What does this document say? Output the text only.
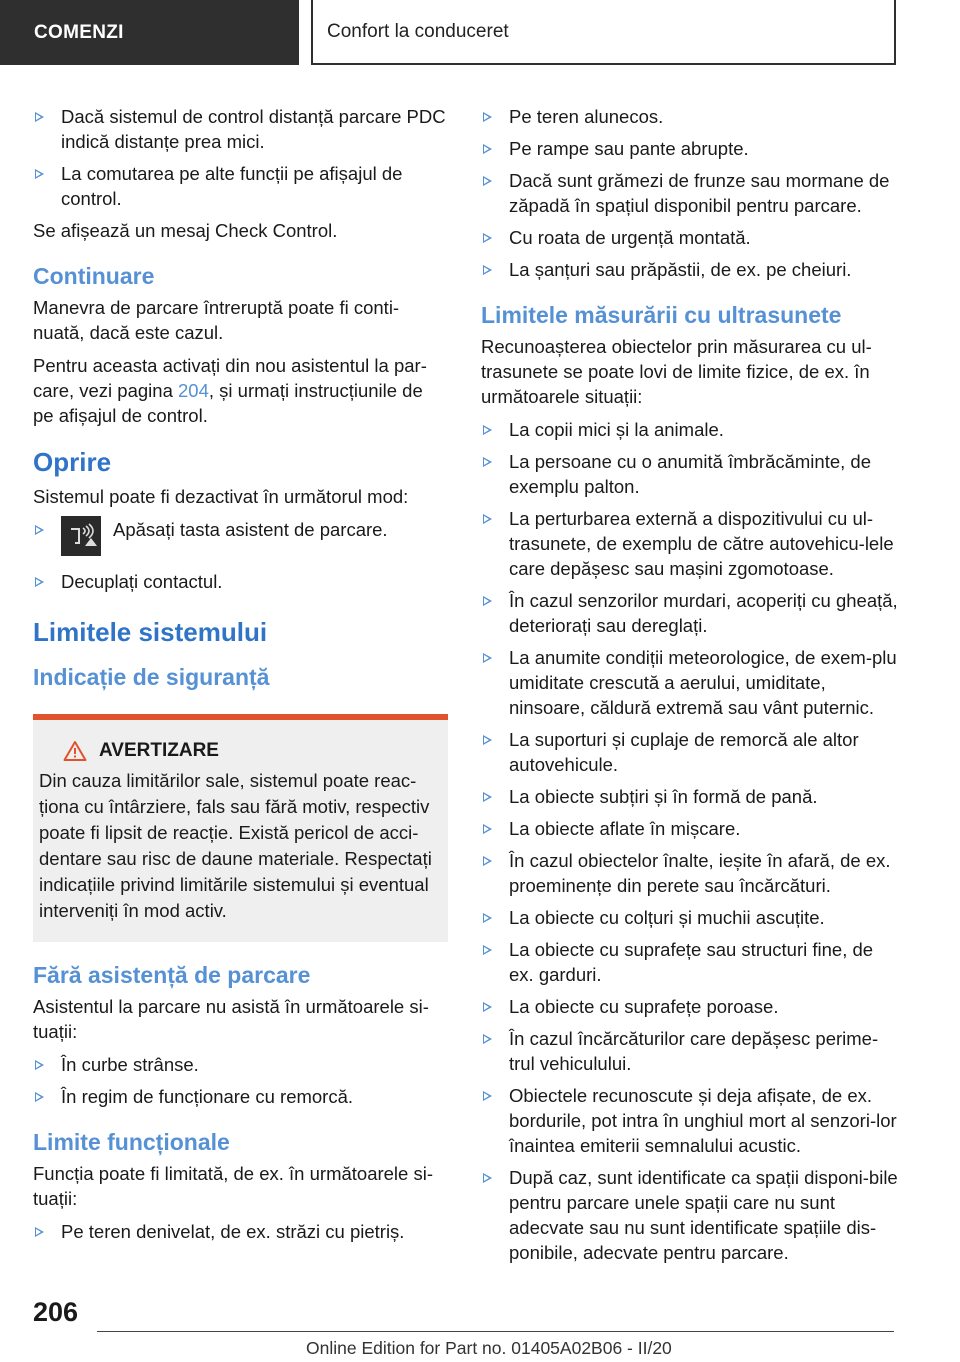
COMENZI	Confort la conduceret
Dacă sistemul de control distanță parcare PDC indică distanțe prea mici.
La comutarea pe alte funcții pe afișajul de control.

Se afișează un mesaj Check Control.

Continuare

Manevra de parcare întreruptă poate fi conti‐nuată, dacă este cazul.

Pentru aceasta activați din nou asistentul la par‐care, vezi pagina 204, și urmați instrucțiunile de pe afișajul de control.

Oprire

Sistemul poate fi dezactivat în următorul mod:

Apăsați tasta asistent de parcare.
Decuplați contactul.
Limitele sistemului
Indicație de siguranță
AVERTIZARE

Din cauza limitărilor sale, sistemul poate reac‐ționa cu întârziere, fals sau fără motiv, respectiv poate fi lipsit de reacție. Există pericol de acci‐dentare sau risc de daune materiale. Respectați indicațiile privind limitările sistemului și eventual interveniți în mod activ.

Fără asistență de parcare

Asistentul la parcare nu asistă în următoarele si‐tuații:

În curbe strânse.
În regim de funcționare cu remorcă.
Limite funcționale

Funcția poate fi limitată, de ex. în următoarele si‐tuații:

Pe teren denivelat, de ex. străzi cu pietriș.
Pe teren alunecos.
Pe rampe sau pante abrupte.
Dacă sunt grămezi de frunze sau mormane de zăpadă în spațiul disponibil pentru parcare.
Cu roata de urgență montată.
La șanțuri sau prăpăstii, de ex. pe cheiuri.
Limitele măsurării cu ultrasunete

Recunoașterea obiectelor prin măsurarea cu ul‐trasunete se poate lovi de limite fizice, de ex. în următoarele situații:

La copii mici și la animale.
La persoane cu o anumită îmbrăcăminte, de exemplu palton.
La perturbarea externă a dispozitivului cu ul‐trasunete, de exemplu de către autovehicu‐lele care depășesc sau mașini zgomotoase.
În cazul senzorilor murdari, acoperiți cu gheață, deteriorați sau dereglați.
La anumite condiții meteorologice, de exem‐plu umiditate crescută a aerului, umiditate, ninsoare, căldură extremă sau vânt puternic.
La suporturi și cuplaje de remorcă ale altor autovehicule.
La obiecte subțiri și în formă de pană.
La obiecte aflate în mișcare.
În cazul obiectelor înalte, ieșite în afară, de ex. proeminențe din perete sau încărcături.
La obiecte cu colțuri și muchii ascuțite.
La obiecte cu suprafețe sau structuri fine, de ex. garduri.
La obiecte cu suprafețe poroase.
În cazul încărcăturilor care depășesc perime‐trul vehiculului.
Obiectele recunoscute și deja afișate, de ex. bordurile, pot intra în unghiul mort al senzori‐lor înaintea emiterii semnalului acustic.
După caz, sunt identificate ca spații disponi‐bile pentru parcare unele spații care nu sunt adecvate sau nu sunt identificate spațiile dis‐ponibile, adecvate pentru parcare.
206
Online Edition for Part no. 01405A02B06 - II/20
